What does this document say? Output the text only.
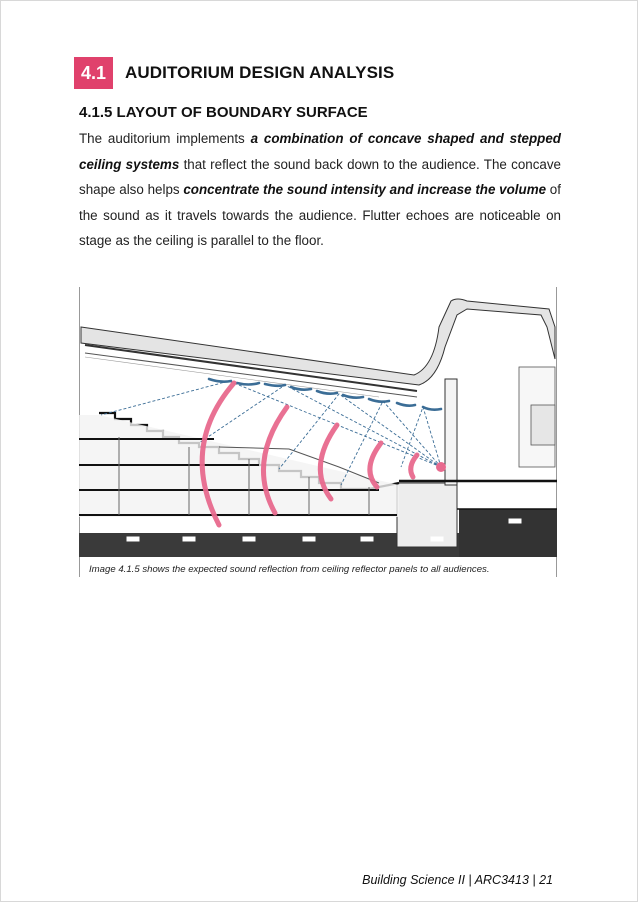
4.1	AUDITORIUM DESIGN ANALYSIS
4.1.5 LAYOUT OF BOUNDARY SURFACE

The auditorium implements a combination of concave shaped and stepped ceiling systems that reflect the sound back down to the audience. The concave shape also helps concentrate the sound intensity and increase the volume of the sound as it travels towards the audience. Flutter echoes are noticeable on stage as the ceiling is parallel to the floor.

Image 4.1.5 shows the expected sound reflection from ceiling reflector panels to all audiences.
Building Science II | ARC3413 | 21
